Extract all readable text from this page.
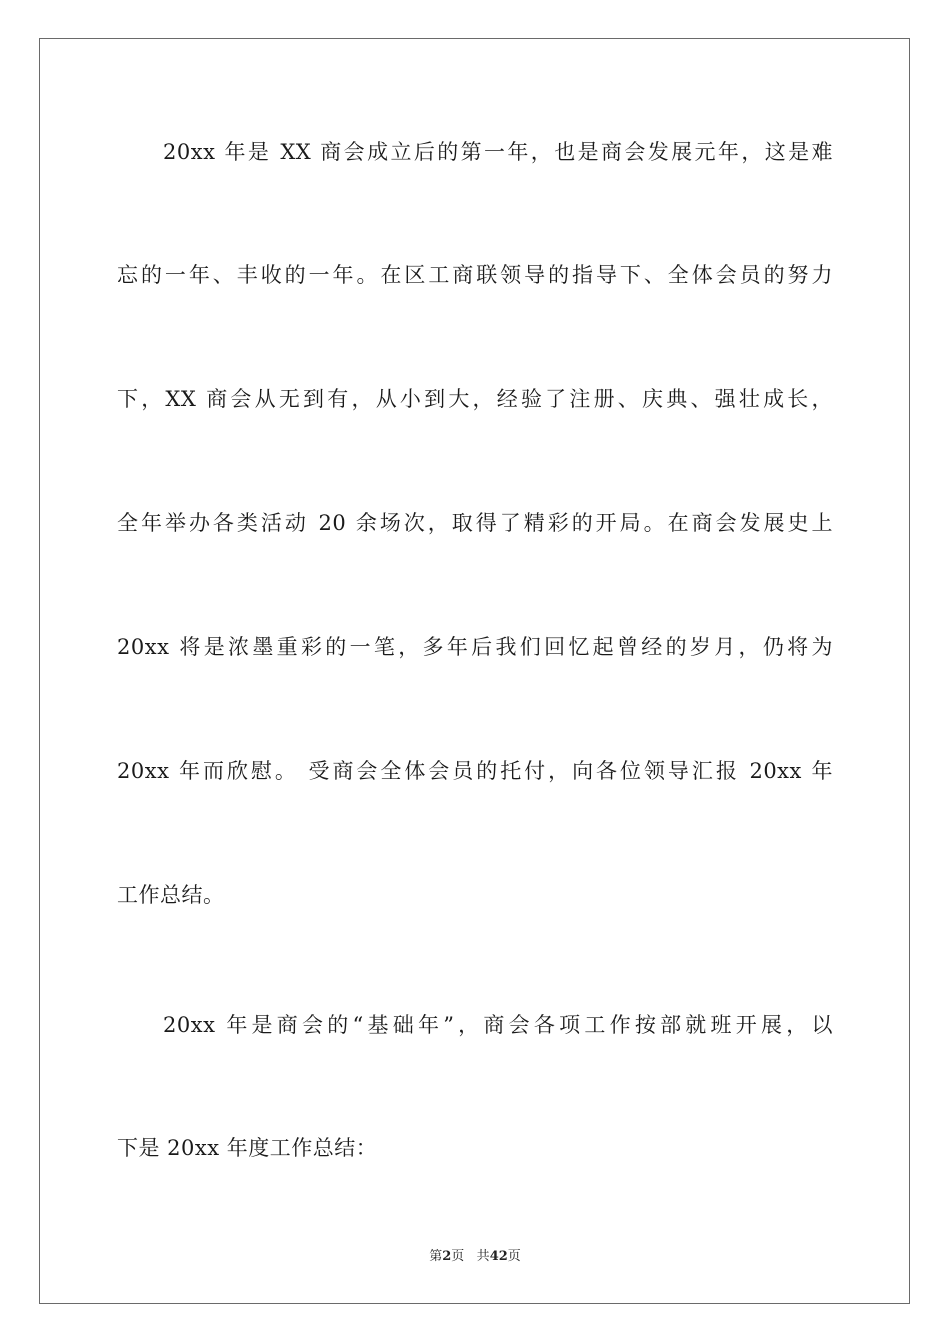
20xx 年是 XX 商会成立后的第一年，也是商会发展元年，这是难
忘的一年、丰收的一年。在区工商联领导的指导下、全体会员的努力
下，XX 商会从无到有，从小到大，经验了注册、庆典、强壮成长，
全年举办各类活动 20 余场次，取得了精彩的开局。在商会发展史上
20xx 将是浓墨重彩的一笔，多年后我们回忆起曾经的岁月，仍将为
20xx 年而欣慰。 受商会全体会员的托付，向各位领导汇报 20xx 年
工作总结。
20xx 年是商会的“基础年”，商会各项工作按部就班开展，以
下是 20xx 年度工作总结：
第2页 共42页
